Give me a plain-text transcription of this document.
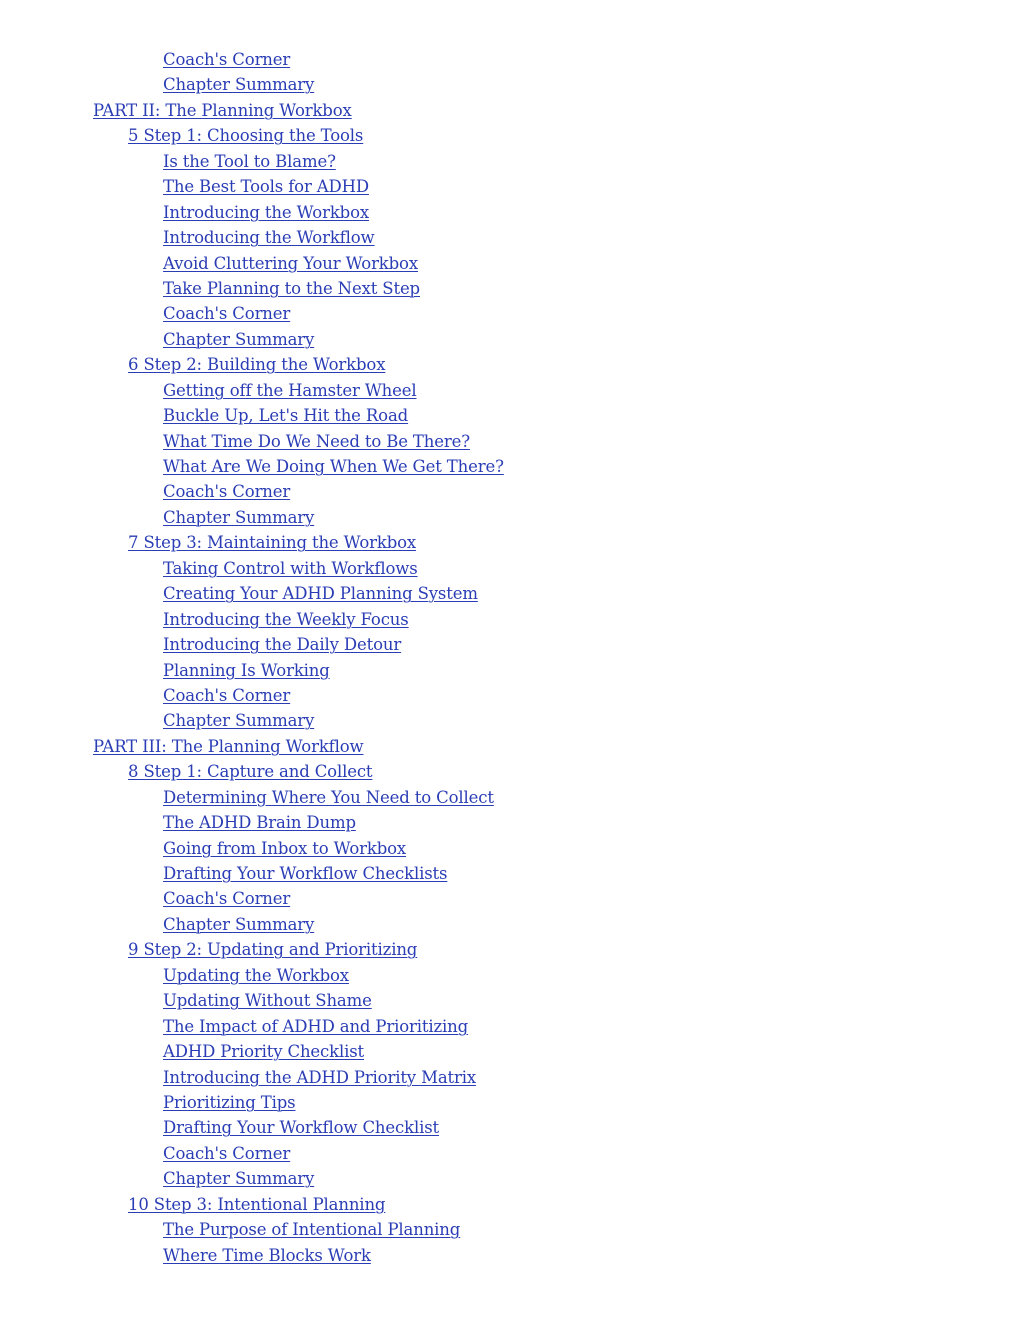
Coach's Corner
Chapter Summary
PART II: The Planning Workbox
5 Step 1: Choosing the Tools
Is the Tool to Blame?
The Best Tools for ADHD
Introducing the Workbox
Introducing the Workflow
Avoid Cluttering Your Workbox
Take Planning to the Next Step
Coach's Corner
Chapter Summary
6 Step 2: Building the Workbox
Getting off the Hamster Wheel
Buckle Up, Let's Hit the Road
What Time Do We Need to Be There?
What Are We Doing When We Get There?
Coach's Corner
Chapter Summary
7 Step 3: Maintaining the Workbox
Taking Control with Workflows
Creating Your ADHD Planning System
Introducing the Weekly Focus
Introducing the Daily Detour
Planning Is Working
Coach's Corner
Chapter Summary
PART III: The Planning Workflow
8 Step 1: Capture and Collect
Determining Where You Need to Collect
The ADHD Brain Dump
Going from Inbox to Workbox
Drafting Your Workflow Checklists
Coach's Corner
Chapter Summary
9 Step 2: Updating and Prioritizing
Updating the Workbox
Updating Without Shame
The Impact of ADHD and Prioritizing
ADHD Priority Checklist
Introducing the ADHD Priority Matrix
Prioritizing Tips
Drafting Your Workflow Checklist
Coach's Corner
Chapter Summary
10 Step 3: Intentional Planning
The Purpose of Intentional Planning
Where Time Blocks Work
